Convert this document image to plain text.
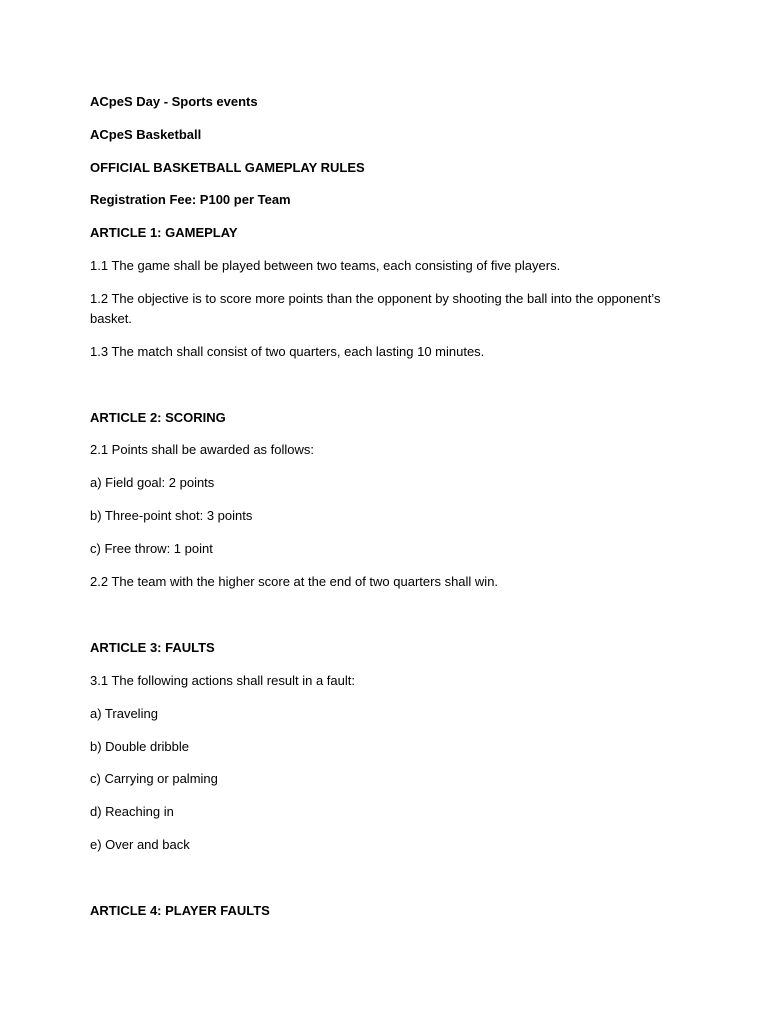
ACpeS Day - Sports events
ACpeS Basketball
OFFICIAL BASKETBALL GAMEPLAY RULES
Registration Fee: P100 per Team
ARTICLE 1: GAMEPLAY
1.1 The game shall be played between two teams, each consisting of five players.
1.2 The objective is to score more points than the opponent by shooting the ball into the opponent’s basket.
1.3 The match shall consist of two quarters, each lasting 10 minutes.
ARTICLE 2: SCORING
2.1 Points shall be awarded as follows:
a) Field goal: 2 points
b) Three-point shot: 3 points
c) Free throw: 1 point
2.2 The team with the higher score at the end of two quarters shall win.
ARTICLE 3: FAULTS
3.1 The following actions shall result in a fault:
a) Traveling
b) Double dribble
c) Carrying or palming
d) Reaching in
e) Over and back
ARTICLE 4: PLAYER FAULTS
